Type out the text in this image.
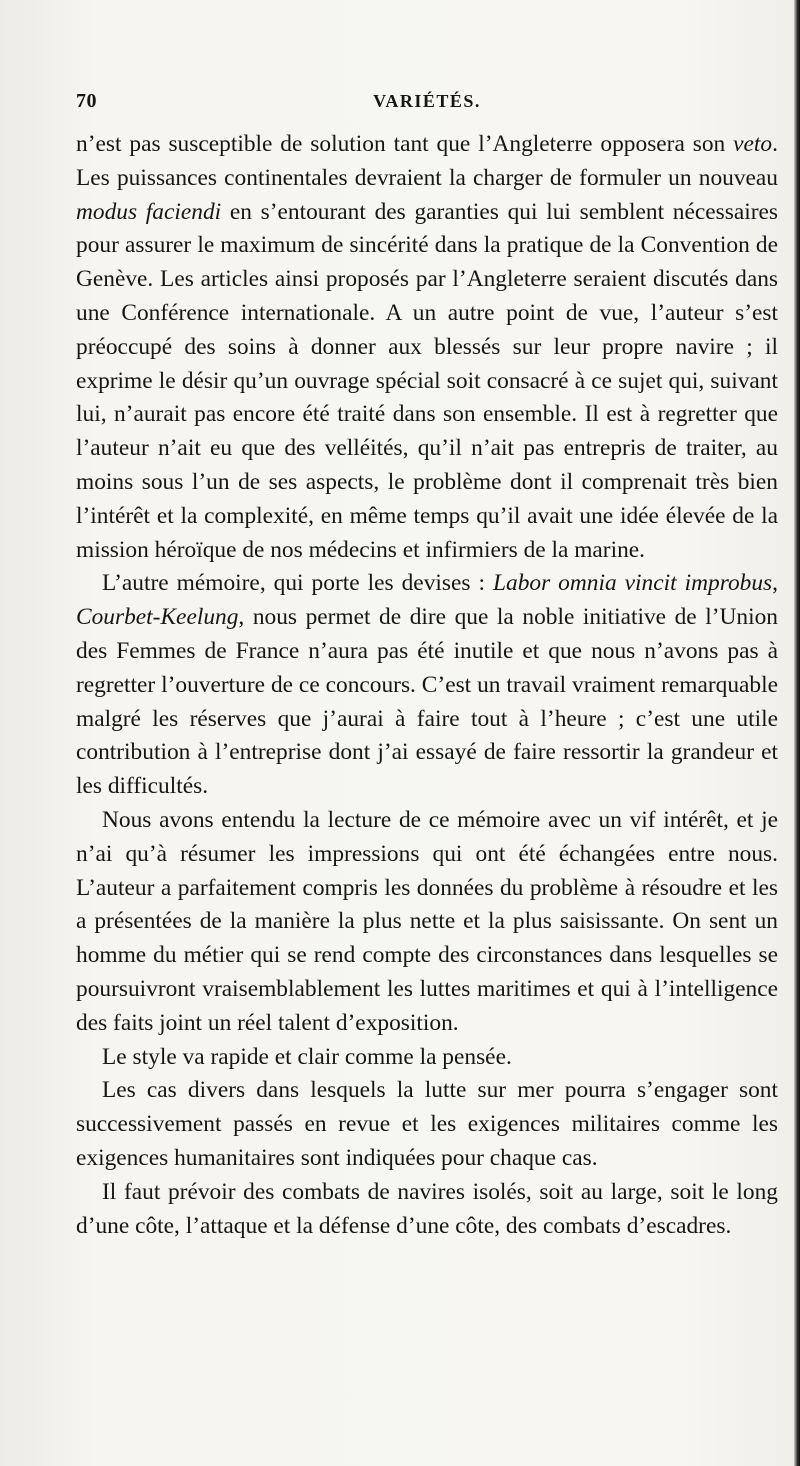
70	VARIÉTÉS.

n’est pas susceptible de solution tant que l’Angleterre opposera son veto. Les puissances continentales devraient la charger de formuler un nouveau modus faciendi en s’entourant des garanties qui lui semblent nécessaires pour assurer le maximum de sincérité dans la pratique de la Convention de Genève. Les articles ainsi proposés par l’Angleterre seraient discutés dans une Conférence internationale. A un autre point de vue, l’auteur s’est préoccupé des soins à donner aux blessés sur leur propre navire ; il exprime le désir qu’un ouvrage spécial soit consacré à ce sujet qui, suivant lui, n’aurait pas encore été traité dans son ensemble. Il est à regretter que l’auteur n’ait eu que des velléités, qu’il n’ait pas entrepris de traiter, au moins sous l’un de ses aspects, le problème dont il comprenait très bien l’intérêt et la complexité, en même temps qu’il avait une idée élevée de la mission héroïque de nos médecins et infirmiers de la marine.

L’autre mémoire, qui porte les devises : Labor omnia vincit improbus, Courbet-Keelung, nous permet de dire que la noble initiative de l’Union des Femmes de France n’aura pas été inutile et que nous n’avons pas à regretter l’ouverture de ce concours. C’est un travail vraiment remarquable malgré les réserves que j’aurai à faire tout à l’heure ; c’est une utile contribution à l’entreprise dont j’ai essayé de faire ressortir la grandeur et les difficultés.

Nous avons entendu la lecture de ce mémoire avec un vif intérêt, et je n’ai qu’à résumer les impressions qui ont été échangées entre nous. L’auteur a parfaitement compris les données du problème à résoudre et les a présentées de la manière la plus nette et la plus saisissante. On sent un homme du métier qui se rend compte des circonstances dans lesquelles se poursuivront vraisemblablement les luttes maritimes et qui à l’intelligence des faits joint un réel talent d’exposition.

Le style va rapide et clair comme la pensée.

Les cas divers dans lesquels la lutte sur mer pourra s’engager sont successivement passés en revue et les exigences militaires comme les exigences humanitaires sont indiquées pour chaque cas.

Il faut prévoir des combats de navires isolés, soit au large, soit le long d’une côte, l’attaque et la défense d’une côte, des combats d’escadres.
